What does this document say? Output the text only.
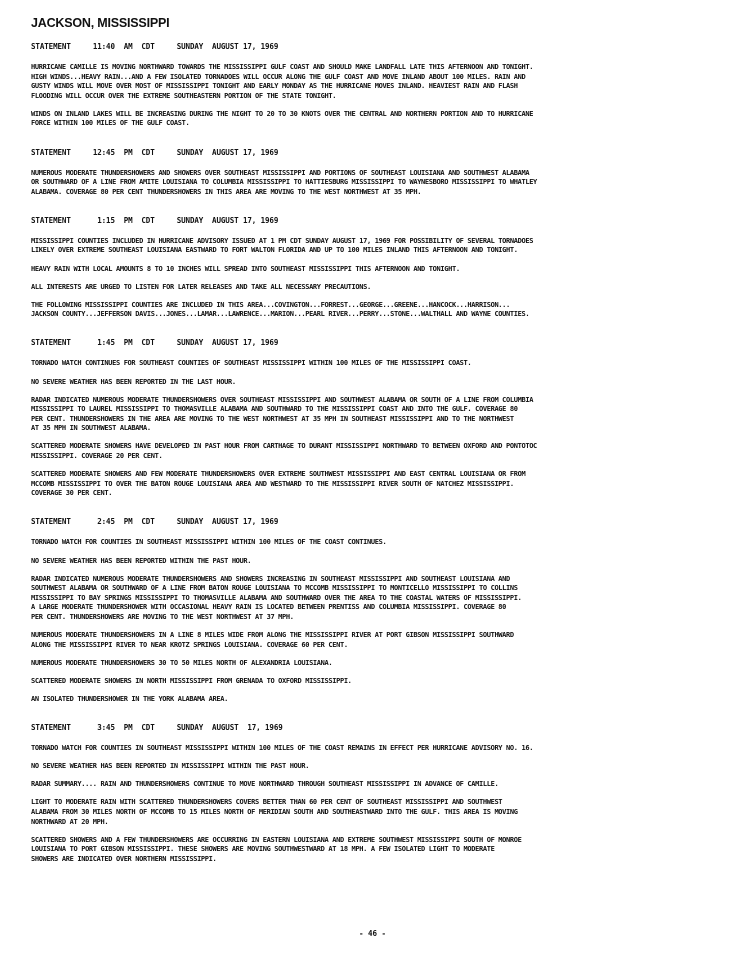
JACKSON, MISSISSIPPI
STATEMENT     11:40  AM  CDT     SUNDAY  AUGUST 17, 1969
HURRICANE CAMILLE IS MOVING NORTHWARD TOWARDS THE MISSISSIPPI GULF COAST AND SHOULD MAKE LANDFALL LATE THIS AFTERNOON AND TONIGHT.
HIGH WINDS...HEAVY RAIN...AND A FEW ISOLATED TORNADOES WILL OCCUR ALONG THE GULF COAST AND MOVE INLAND ABOUT 100 MILES. RAIN AND
GUSTY WINDS WILL MOVE OVER MOST OF MISSISSIPPI TONIGHT AND EARLY MONDAY AS THE HURRICANE MOVES INLAND. HEAVIEST RAIN AND FLASH
FLOODING WILL OCCUR OVER THE EXTREME SOUTHEASTERN PORTION OF THE STATE TONIGHT.
WINDS ON INLAND LAKES WILL BE INCREASING DURING THE NIGHT TO 20 TO 30 KNOTS OVER THE CENTRAL AND NORTHERN PORTION AND TO HURRICANE
FORCE WITHIN 100 MILES OF THE GULF COAST.
STATEMENT     12:45  PM  CDT     SUNDAY  AUGUST 17, 1969
NUMEROUS MODERATE THUNDERSHOWERS AND SHOWERS OVER SOUTHEAST MISSISSIPPI AND PORTIONS OF SOUTHEAST LOUISIANA AND SOUTHWEST ALABAMA
OR SOUTHWARD OF A LINE FROM AMITE LOUISIANA TO COLUMBIA MISSISSIPPI TO HATTIESBURG MISSISSIPPI TO WAYNESBORO MISSISSIPPI TO WHATLEY
ALABAMA. COVERAGE 80 PER CENT THUNDERSHOWERS IN THIS AREA ARE MOVING TO THE WEST NORTHWEST AT 35 MPH.
STATEMENT      1:15  PM  CDT     SUNDAY  AUGUST 17, 1969
MISSISSIPPI COUNTIES INCLUDED IN HURRICANE ADVISORY ISSUED AT 1 PM CDT SUNDAY AUGUST 17, 1969 FOR POSSIBILITY OF SEVERAL TORNADOES
LIKELY OVER EXTREME SOUTHEAST LOUISIANA EASTWARD TO FORT WALTON FLORIDA AND UP TO 100 MILES INLAND THIS AFTERNOON AND TONIGHT.
HEAVY RAIN WITH LOCAL AMOUNTS 8 TO 10 INCHES WILL SPREAD INTO SOUTHEAST MISSISSIPPI THIS AFTERNOON AND TONIGHT.
ALL INTERESTS ARE URGED TO LISTEN FOR LATER RELEASES AND TAKE ALL NECESSARY PRECAUTIONS.
THE FOLLOWING MISSISSIPPI COUNTIES ARE INCLUDED IN THIS AREA...COVINGTON...FORREST...GEORGE...GREENE...HANCOCK...HARRISON...
JACKSON COUNTY...JEFFERSON DAVIS...JONES...LAMAR...LAWRENCE...MARION...PEARL RIVER...PERRY...STONE...WALTHALL AND WAYNE COUNTIES.
STATEMENT      1:45  PM  CDT     SUNDAY  AUGUST 17, 1969
TORNADO WATCH CONTINUES FOR SOUTHEAST COUNTIES OF SOUTHEAST MISSISSIPPI WITHIN 100 MILES OF THE MISSISSIPPI COAST.
NO SEVERE WEATHER HAS BEEN REPORTED IN THE LAST HOUR.
RADAR INDICATED NUMEROUS MODERATE THUNDERSHOWERS OVER SOUTHEAST MISSISSIPPI AND SOUTHWEST ALABAMA OR SOUTH OF A LINE FROM COLUMBIA
MISSISSIPPI TO LAUREL MISSISSIPPI TO THOMASVILLE ALABAMA AND SOUTHWARD TO THE MISSISSIPPI COAST AND INTO THE GULF. COVERAGE 80
PER CENT. THUNDERSHOWERS IN THE AREA ARE MOVING TO THE WEST NORTHWEST AT 35 MPH IN SOUTHEAST MISSISSIPPI AND TO THE NORTHWEST
AT 35 MPH IN SOUTHWEST ALABAMA.
SCATTERED MODERATE SHOWERS HAVE DEVELOPED IN PAST HOUR FROM CARTHAGE TO DURANT MISSISSIPPI NORTHWARD TO BETWEEN OXFORD AND PONTOTOC
MISSISSIPPI. COVERAGE 20 PER CENT.
SCATTERED MODERATE SHOWERS AND FEW MODERATE THUNDERSHOWERS OVER EXTREME SOUTHWEST MISSISSIPPI AND EAST CENTRAL LOUISIANA OR FROM
MCCOMB MISSISSIPPI TO OVER THE BATON ROUGE LOUISIANA AREA AND WESTWARD TO THE MISSISSIPPI RIVER SOUTH OF NATCHEZ MISSISSIPPI.
COVERAGE 30 PER CENT.
STATEMENT      2:45  PM  CDT     SUNDAY  AUGUST 17, 1969
TORNADO WATCH FOR COUNTIES IN SOUTHEAST MISSISSIPPI WITHIN 100 MILES OF THE COAST CONTINUES.
NO SEVERE WEATHER HAS BEEN REPORTED WITHIN THE PAST HOUR.
RADAR INDICATED NUMEROUS MODERATE THUNDERSHOWERS AND SHOWERS INCREASING IN SOUTHEAST MISSISSIPPI AND SOUTHEAST LOUISIANA AND
SOUTHWEST ALABAMA OR SOUTHWARD OF A LINE FROM BATON ROUGE LOUISIANA TO MCCOMB MISSISSIPPI TO MONTICELLO MISSISSIPPI TO COLLINS
MISSISSIPPI TO BAY SPRINGS MISSISSIPPI TO THOMASVILLE ALABAMA AND SOUTHWARD OVER THE AREA TO THE COASTAL WATERS OF MISSISSIPPI.
A LARGE MODERATE THUNDERSHOWER WITH OCCASIONAL HEAVY RAIN IS LOCATED BETWEEN PRENTISS AND COLUMBIA MISSISSIPPI. COVERAGE 80
PER CENT. THUNDERSHOWERS ARE MOVING TO THE WEST NORTHWEST AT 37 MPH.
NUMEROUS MODERATE THUNDERSHOWERS IN A LINE 8 MILES WIDE FROM ALONG THE MISSISSIPPI RIVER AT PORT GIBSON MISSISSIPPI SOUTHWARD
ALONG THE MISSISSIPPI RIVER TO NEAR KROTZ SPRINGS LOUISIANA. COVERAGE 60 PER CENT.
NUMEROUS MODERATE THUNDERSHOWERS 30 TO 50 MILES NORTH OF ALEXANDRIA LOUISIANA.
SCATTERED MODERATE SHOWERS IN NORTH MISSISSIPPI FROM GRENADA TO OXFORD MISSISSIPPI.
AN ISOLATED THUNDERSHOWER IN THE YORK ALABAMA AREA.
STATEMENT      3:45  PM  CDT     SUNDAY  AUGUST  17, 1969
TORNADO WATCH FOR COUNTIES IN SOUTHEAST MISSISSIPPI WITHIN 100 MILES OF THE COAST REMAINS IN EFFECT PER HURRICANE ADVISORY NO. 16.
NO SEVERE WEATHER HAS BEEN REPORTED IN MISSISSIPPI WITHIN THE PAST HOUR.
RADAR SUMMARY.... RAIN AND THUNDERSHOWERS CONTINUE TO MOVE NORTHWARD THROUGH SOUTHEAST MISSISSIPPI IN ADVANCE OF CAMILLE.
LIGHT TO MODERATE RAIN WITH SCATTERED THUNDERSHOWERS COVERS BETTER THAN 60 PER CENT OF SOUTHEAST MISSISSIPPI AND SOUTHWEST
ALABAMA FROM 30 MILES NORTH OF MCCOMB TO 15 MILES NORTH OF MERIDIAN SOUTH AND SOUTHEASTWARD INTO THE GULF. THIS AREA IS MOVING
NORTHWARD AT 20 MPH.
SCATTERED SHOWERS AND A FEW THUNDERSHOWERS ARE OCCURRING IN EASTERN LOUISIANA AND EXTREME SOUTHWEST MISSISSIPPI SOUTH OF MONROE
LOUISIANA TO PORT GIBSON MISSISSIPPI. THESE SHOWERS ARE MOVING SOUTHWESTWARD AT 18 MPH. A FEW ISOLATED LIGHT TO MODERATE
SHOWERS ARE INDICATED OVER NORTHERN MISSISSIPPI.
- 46 -
